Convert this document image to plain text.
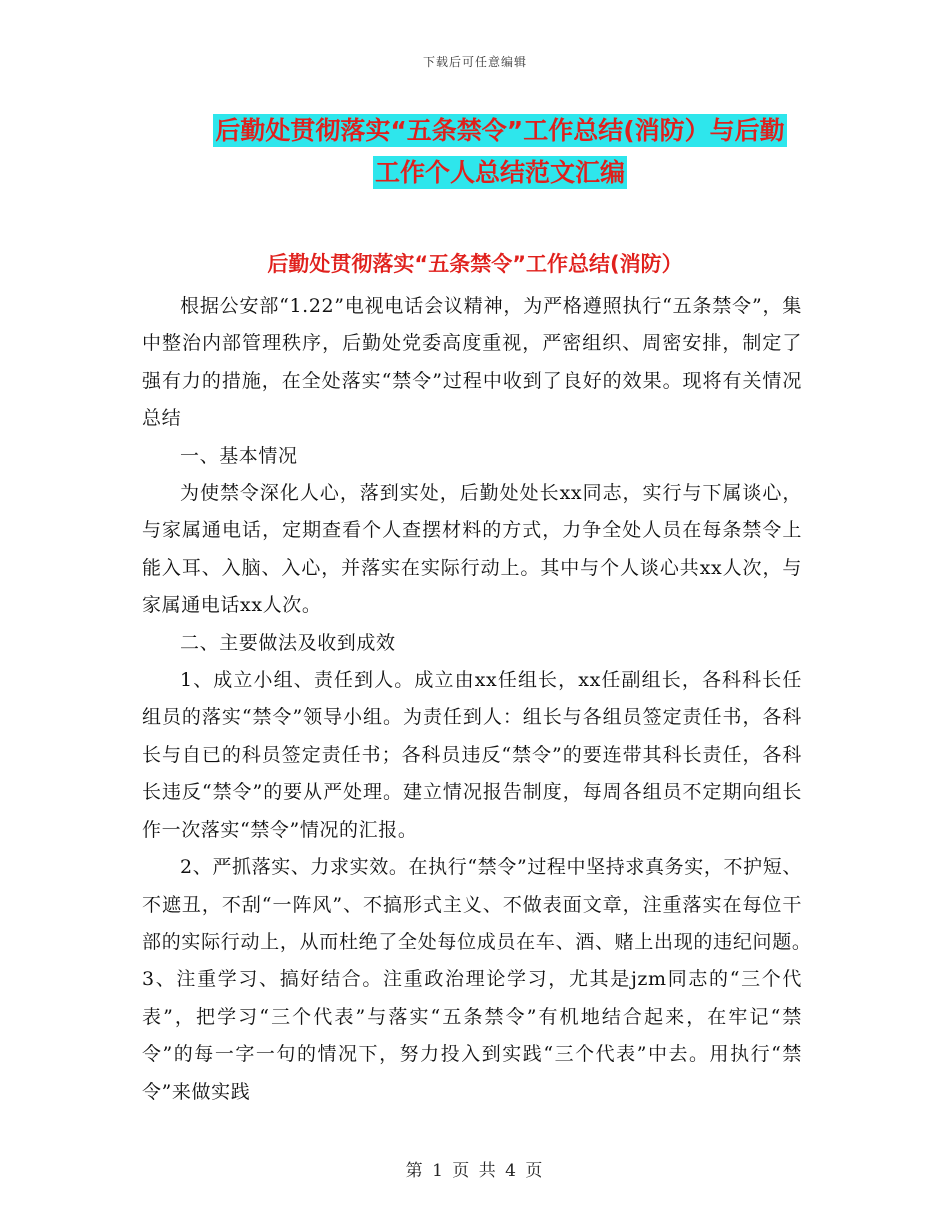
下载后可任意编辑
后勤处贯彻落实“五条禁令”工作总结(消防）与后勤
工作个人总结范文汇编
后勤处贯彻落实“五条禁令”工作总结(消防）

根据公安部“1.22”电视电话会议精神，为严格遵照执行“五条禁令”，集中整治内部管理秩序，后勤处党委高度重视，严密组织、周密安排，制定了强有力的措施，在全处落实“禁令”过程中收到了良好的效果。现将有关情况总结

一、基本情况

为使禁令深化人心，落到实处，后勤处处长xx同志，实行与下属谈心，与家属通电话，定期查看个人查摆材料的方式，力争全处人员在每条禁令上能入耳、入脑、入心，并落实在实际行动上。其中与个人谈心共xx人次，与家属通电话xx人次。

二、主要做法及收到成效

1、成立小组、责任到人。成立由xx任组长，xx任副组长，各科科长任组员的落实“禁令”领导小组。为责任到人：组长与各组员签定责任书，各科长与自已的科员签定责任书；各科员违反“禁令”的要连带其科长责任，各科长违反“禁令”的要从严处理。建立情况报告制度，每周各组员不定期向组长作一次落实“禁令”情况的汇报。

2、严抓落实、力求实效。在执行“禁令”过程中坚持求真务实，不护短、不遮丑，不刮“一阵风”、不搞形式主义、不做表面文章，注重落实在每位干部的实际行动上，从而杜绝了全处每位成员在车、酒、赌上出现的违纪问题。　　3、注重学习、搞好结合。注重政治理论学习，尤其是jzm同志的“三个代表”，把学习“三个代表”与落实“五条禁令”有机地结合起来，在牢记“禁令”的每一字一句的情况下，努力投入到实践“三个代表”中去。用执行“禁令”来做实践

第 1 页 共 4 页
